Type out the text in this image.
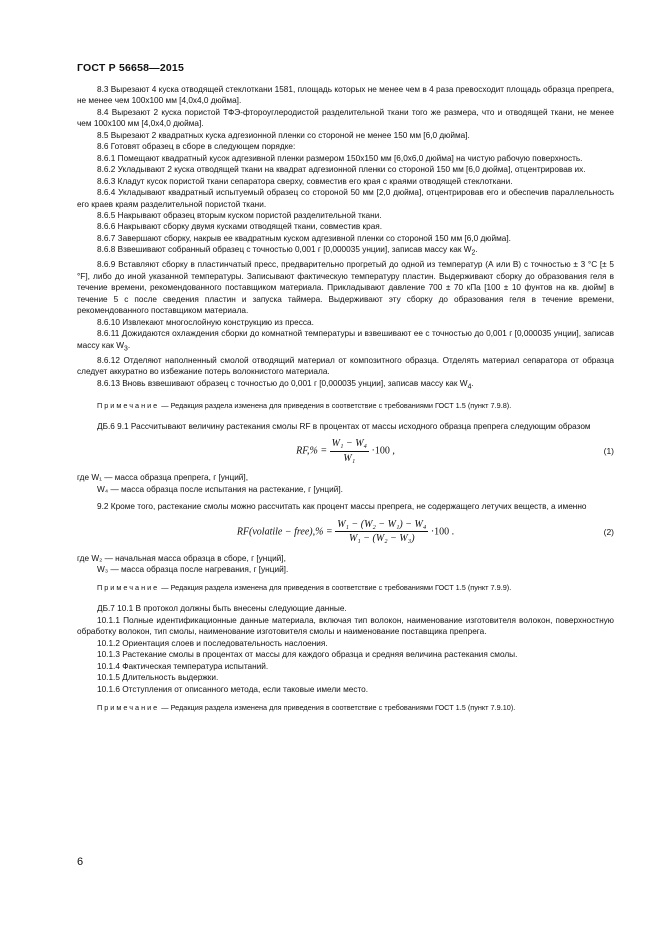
ГОСТ Р 56658—2015

8.3 Вырезают 4 куска отводящей стеклоткани 1581, площадь которых не менее чем в 4 раза превосходит площадь образца препрега, не менее чем 100х100 мм [4,0х4,0 дюйма].

8.4 Вырезают 2 куска пористой ТФЭ-фтороуглеродистой разделительной ткани того же размера, что и отводящей ткани, не менее чем 100х100 мм [4,0х4,0 дюйма].

8.5 Вырезают 2 квадратных куска адгезионной пленки со стороной не менее 150 мм [6,0 дюйма].

8.6 Готовят образец в сборе в следующем порядке:

8.6.1 Помещают квадратный кусок адгезивной пленки размером 150х150 мм [6,0х6,0 дюйма] на чистую рабочую поверхность.

8.6.2 Укладывают 2 куска отводящей ткани на квадрат адгезионной пленки со стороной 150 мм [6,0 дюйма], отцентрировав их.

8.6.3 Кладут кусок пористой ткани сепаратора сверху, совместив его края с краями отводящей стеклоткани.

8.6.4 Укладывают квадратный испытуемый образец со стороной 50 мм [2,0 дюйма], отцентрировав его и обеспечив параллельность его краев краям разделительной пористой ткани.

8.6.5 Накрывают образец вторым куском пористой разделительной ткани.

8.6.6 Накрывают сборку двумя кусками отводящей ткани, совместив края.

8.6.7 Завершают сборку, накрыв ее квадратным куском адгезивной пленки со стороной 150 мм [6,0 дюйма].

8.6.8 Взвешивают собранный образец с точностью 0,001 г [0,000035 унции], записав массу как $W_2$.

8.6.9 Вставляют сборку в пластинчатый пресс, предварительно прогретый до одной из температур (А или В) с точностью ± 3 °С [± 5 °F], либо до иной указанной температуры. Записывают фактическую температуру пластин. Выдерживают сборку до образования геля в течение времени, рекомендованного поставщиком материала. Прикладывают давление 700 ± 70 кПа [100 ± 10 фунтов на кв. дюйм] в течение 5 с после сведения пластин и запуска таймера. Выдерживают эту сборку до образования геля в течение времени, рекомендованного поставщиком материала.

8.6.10 Извлекают многослойную конструкцию из пресса.

8.6.11 Дожидаются охлаждения сборки до комнатной температуры и взвешивают ее с точностью до 0,001 г [0,000035 унции], записав массу как $W_3$.

8.6.12 Отделяют наполненный смолой отводящий материал от композитного образца. Отделять материал сепаратора от образца следует аккуратно во избежание потерь волокнистого материала.

8.6.13 Вновь взвешивают образец с точностью до 0,001 г [0,000035 унции], записав массу как $W_4$.

Примечание — Редакция раздела изменена для приведения в соответствие с требованиями ГОСТ 1.5 (пункт 7.9.8).

ДБ.6 9.1 Рассчитывают величину растекания смолы RF в процентах от массы исходного образца препрега следующим образом

$RF,\% = \frac{\text{W₁ − W₄}}{\text{W₁}} \cdot 100$ ,	(1)

где W₁ — масса образца препрега, г [унций],

W₄ — масса образца после испытания на растекание, г [унций].

9.2 Кроме того, растекание смолы можно рассчитать как процент массы препрега, не содержащего летучих веществ, а именно

RF(volatile − free),% = $\frac{\text{W₁ − (W₂ − W₁) − W₄}}{\text{W₁ − (W₂ − W₃)}} \cdot 100$ .	(2)

где W₂ — начальная масса образца в сборе, г [унций],

W₃ — масса образца после нагревания, г [унций].

Примечание — Редакция раздела изменена для приведения в соответствие с требованиями ГОСТ 1.5 (пункт 7.9.9).

ДБ.7 10.1 В протокол должны быть внесены следующие данные.

10.1.1 Полные идентификационные данные материала, включая тип волокон, наименование изготовителя волокон, поверхностную обработку волокон, тип смолы, наименование изготовителя смолы и наименование поставщика препрега.

10.1.2 Ориентация слоев и последовательность наслоения.

10.1.3 Растекание смолы в процентах от массы для каждого образца и средняя величина растекания смолы.

10.1.4 Фактическая температура испытаний.

10.1.5 Длительность выдержки.

10.1.6 Отступления от описанного метода, если таковые имели место.

Примечание — Редакция раздела изменена для приведения в соответствие с требованиями ГОСТ 1.5 (пункт 7.9.10).

6
